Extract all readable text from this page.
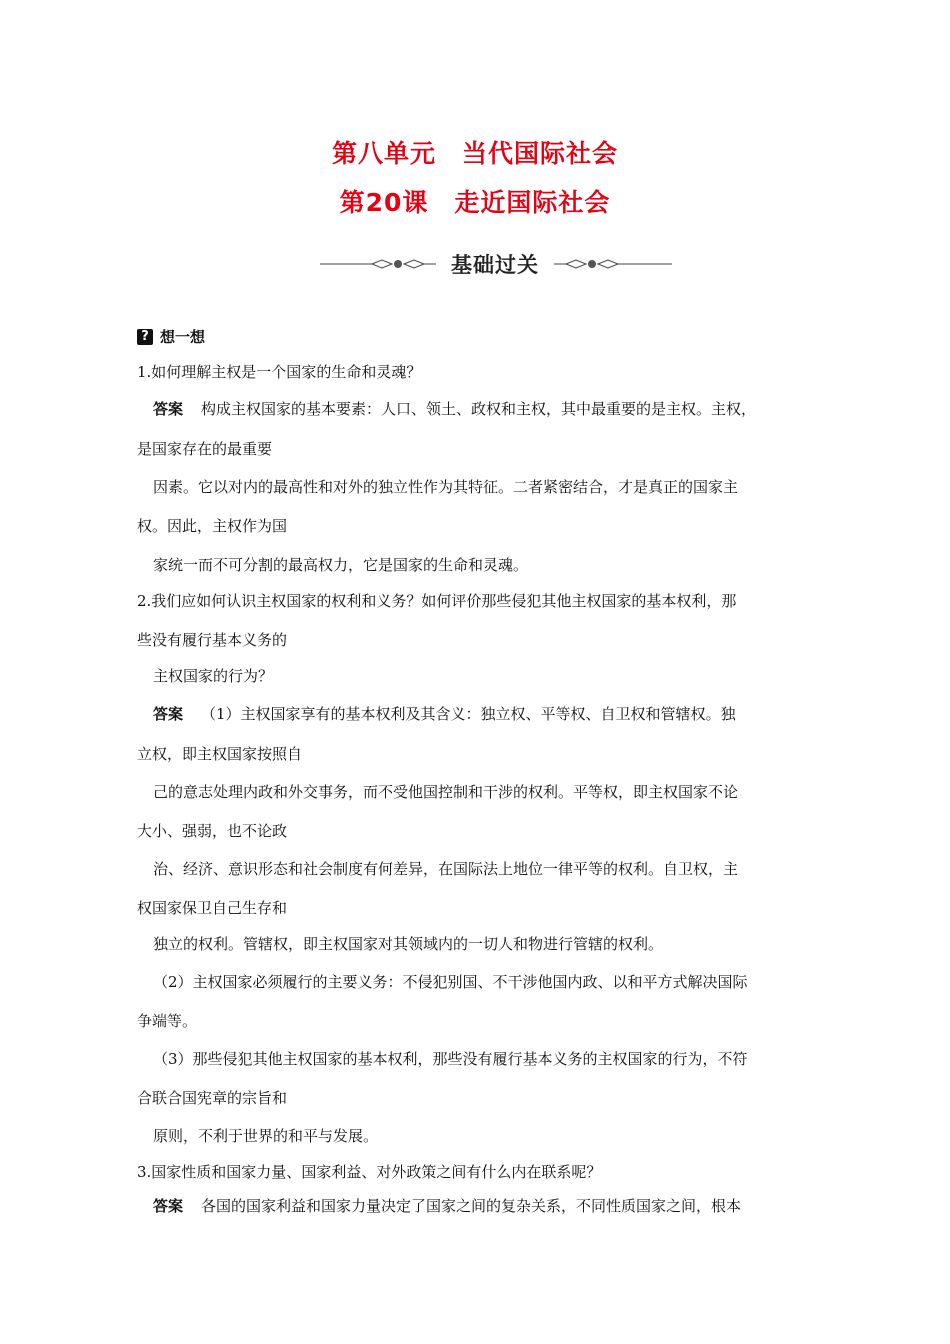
第八单元　当代国际社会
第20课　走近国际社会
基础过关
? 想一想
1.如何理解主权是一个国家的生命和灵魂？
答案 构成主权国家的基本要素：人口、领土、政权和主权，其中最重要的是主权。主权，
是国家存在的最重要
因素。它以对内的最高性和对外的独立性作为其特征。二者紧密结合，才是真正的国家主
权。因此，主权作为国
家统一而不可分割的最高权力，它是国家的生命和灵魂。
2.我们应如何认识主权国家的权利和义务？如何评价那些侵犯其他主权国家的基本权利，那
些没有履行基本义务的
主权国家的行为？
答案 （1）主权国家享有的基本权利及其含义：独立权、平等权、自卫权和管辖权。独
立权，即主权国家按照自
己的意志处理内政和外交事务，而不受他国控制和干涉的权利。平等权，即主权国家不论
大小、强弱，也不论政
治、经济、意识形态和社会制度有何差异，在国际法上地位一律平等的权利。自卫权，主
权国家保卫自己生存和
独立的权利。管辖权，即主权国家对其领域内的一切人和物进行管辖的权利。
（2）主权国家必须履行的主要义务：不侵犯别国、不干涉他国内政、以和平方式解决国际
争端等。
（3）那些侵犯其他主权国家的基本权利，那些没有履行基本义务的主权国家的行为，不符
合联合国宪章的宗旨和
原则，不利于世界的和平与发展。
3.国家性质和国家力量、国家利益、对外政策之间有什么内在联系呢？
答案 各国的国家利益和国家力量决定了国家之间的复杂关系，不同性质国家之间，根本
